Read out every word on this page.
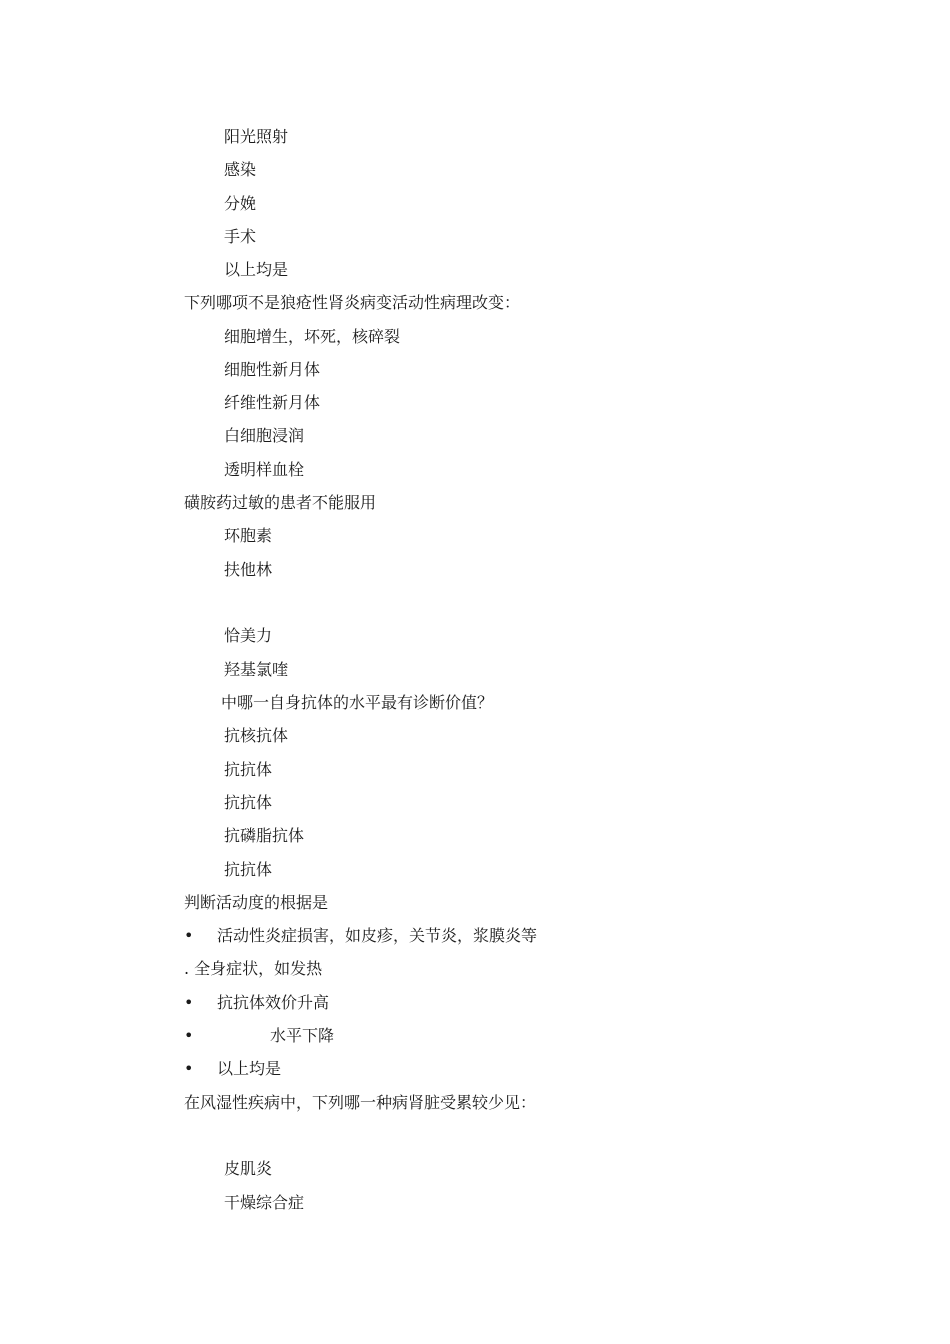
阳光照射
感染
分娩
手术
以上均是
下列哪项不是狼疮性肾炎病变活动性病理改变：
细胞增生，坏死，核碎裂
细胞性新月体
纤维性新月体
白细胞浸润
透明样血栓
磺胺药过敏的患者不能服用
环胞素
扶他林
恰美力
羟基氯喹
中哪一自身抗体的水平最有诊断价值？
抗核抗体
抗抗体
抗抗体
抗磷脂抗体
抗抗体
判断活动度的根据是
• 活动性炎症损害，如皮疹，关节炎，浆膜炎等
. 全身症状，如发热
• 抗抗体效价升高
•	水平下降
• 以上均是
在风湿性疾病中，下列哪一种病肾脏受累较少见：
皮肌炎
干燥综合症
